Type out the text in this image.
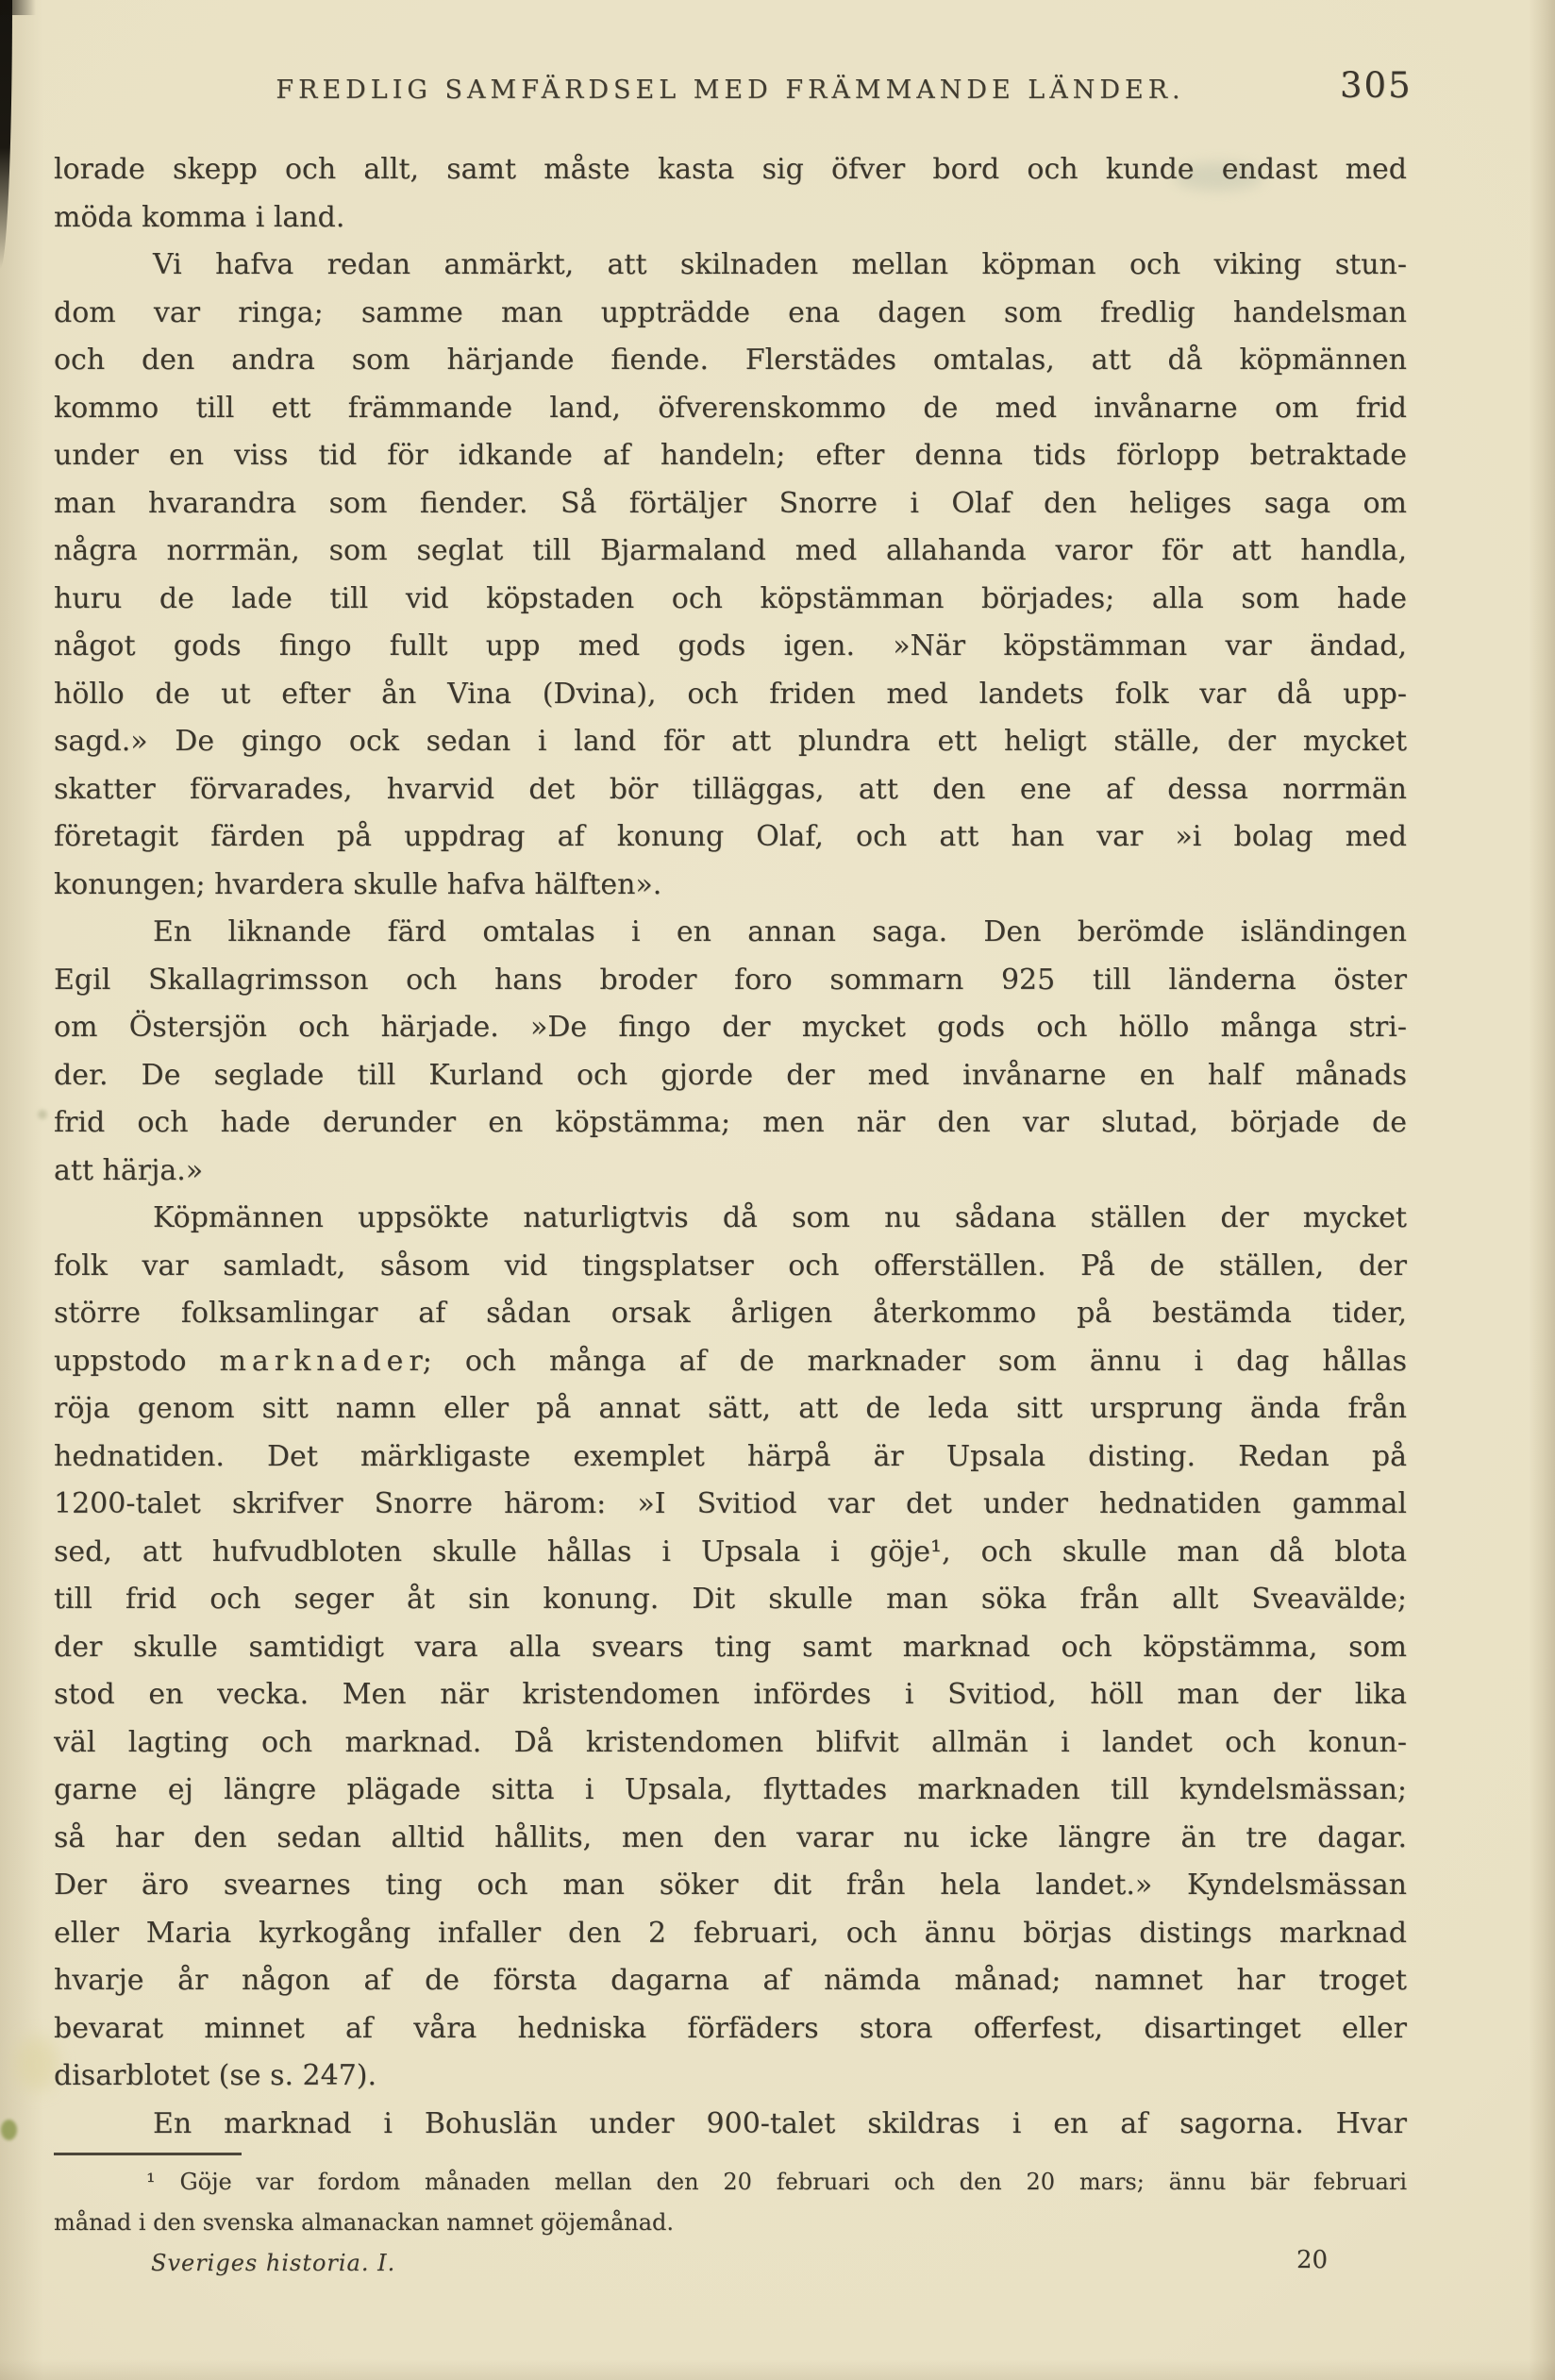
FREDLIG SAMFÄRDSEL MED FRÄMMANDE LÄNDER.	305
lorade skepp och allt, samt måste kasta sig öfver bord och kunde endast med
möda komma i land.
Vi hafva redan anmärkt, att skilnaden mellan köpman och viking stun-
dom var ringa; samme man uppträdde ena dagen som fredlig handelsman
och den andra som härjande fiende. Flerstädes omtalas, att då köpmännen
kommo till ett främmande land, öfverenskommo de med invånarne om frid
under en viss tid för idkande af handeln; efter denna tids förlopp betraktade
man hvarandra som fiender. Så förtäljer Snorre i Olaf den heliges saga om
några norrmän, som seglat till Bjarmaland med allahanda varor för att handla,
huru de lade till vid köpstaden och köpstämman börjades; alla som hade
något gods fingo fullt upp med gods igen. »När köpstämman var ändad,
höllo de ut efter ån Vina (Dvina), och friden med landets folk var då upp-
sagd.» De gingo ock sedan i land för att plundra ett heligt ställe, der mycket
skatter förvarades, hvarvid det bör tilläggas, att den ene af dessa norrmän
företagit färden på uppdrag af konung Olaf, och att han var »i bolag med
konungen; hvardera skulle hafva hälften».
En liknande färd omtalas i en annan saga. Den berömde isländingen
Egil Skallagrimsson och hans broder foro sommarn 925 till länderna öster
om Östersjön och härjade. »De fingo der mycket gods och höllo många stri-
der. De seglade till Kurland och gjorde der med invånarne en half månads
frid och hade derunder en köpstämma; men när den var slutad, började de
att härja.»
Köpmännen uppsökte naturligtvis då som nu sådana ställen der mycket
folk var samladt, såsom vid tingsplatser och offerställen. På de ställen, der
större folksamlingar af sådan orsak årligen återkommo på bestämda tider,
uppstodo m a r k n a d e r; och många af de marknader som ännu i dag hållas
röja genom sitt namn eller på annat sätt, att de leda sitt ursprung ända från
hednatiden. Det märkligaste exemplet härpå är Upsala disting. Redan på
1200-talet skrifver Snorre härom: »I Svitiod var det under hednatiden gammal
sed, att hufvudbloten skulle hållas i Upsala i göje¹, och skulle man då blota
till frid och seger åt sin konung. Dit skulle man söka från allt Sveavälde;
der skulle samtidigt vara alla svears ting samt marknad och köpstämma, som
stod en vecka. Men när kristendomen infördes i Svitiod, höll man der lika
väl lagting och marknad. Då kristendomen blifvit allmän i landet och konun-
garne ej längre plägade sitta i Upsala, flyttades marknaden till kyndelsmässan;
så har den sedan alltid hållits, men den varar nu icke längre än tre dagar.
Der äro svearnes ting och man söker dit från hela landet.» Kyndelsmässan
eller Maria kyrkogång infaller den 2 februari, och ännu börjas distings marknad
hvarje år någon af de första dagarna af nämda månad; namnet har troget
bevarat minnet af våra hedniska förfäders stora offerfest, disartinget eller
disarblotet (se s. 247).
En marknad i Bohuslän under 900-talet skildras i en af sagorna. Hvar
¹ Göje var fordom månaden mellan den 20 februari och den 20 mars; ännu bär februari
månad i den svenska almanackan namnet göjemånad.
Sveriges historia. I.	20
